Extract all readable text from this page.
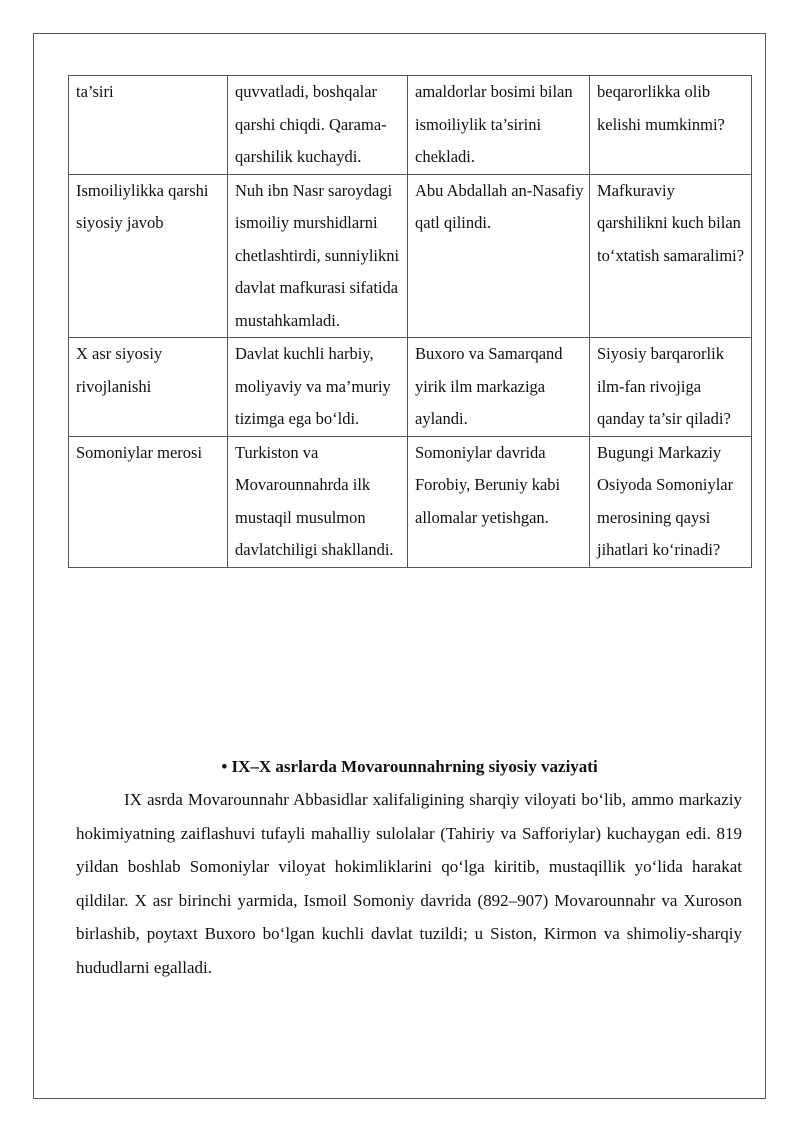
ta’siri	quvvatladi, boshqalar qarshi chiqdi. Qarama-qarshilik kuchaydi.	amaldorlar bosimi bilan ismoiliylik ta’sirini chekladi.	beqarorlikka olib kelishi mumkinmi?
Ismoiliylikka qarshi siyosiy javob	Nuh ibn Nasr saroydagi ismoiliy murshidlarni chetlashtirdi, sunniylikni davlat mafkurasi sifatida mustahkamladi.	Abu Abdallah an-Nasafiy qatl qilindi.	Mafkuraviy qarshilikni kuch bilan to‘xtatish samaralimi?
X asr siyosiy rivojlanishi	Davlat kuchli harbiy, moliyaviy va ma’muriy tizimga ega bo‘ldi.	Buxoro va Samarqand yirik ilm markaziga aylandi.	Siyosiy barqarorlik ilm-fan rivojiga qanday ta’sir qiladi?
Somoniylar merosi	Turkiston va Movarounnahrda ilk mustaqil musulmon davlatchiligi shakllandi.	Somoniylar davrida Forobiy, Beruniy kabi allomalar yetishgan.	Bugungi Markaziy Osiyoda Somoniylar merosining qaysi jihatlari ko‘rinadi?
• IX–X asrlarda Movarounnahrning siyosiy vaziyati
IX asrda Movarounnahr Abbasidlar xalifaligining sharqiy viloyati bo‘lib, ammo markaziy hokimiyatning zaiflashuvi tufayli mahalliy sulolalar (Tahiriy va Safforiylar) kuchaygan edi. 819 yildan boshlab Somoniylar viloyat hokimliklarini qo‘lga kiritib, mustaqillik yo‘lida harakat qildilar. X asr birinchi yarmida, Ismoil Somoniy davrida (892–907) Movarounnahr va Xuroson birlashib, poytaxt Buxoro bo‘lgan kuchli davlat tuzildi; u Siston, Kirmon va shimoliy-sharqiy hududlarni egalladi.
